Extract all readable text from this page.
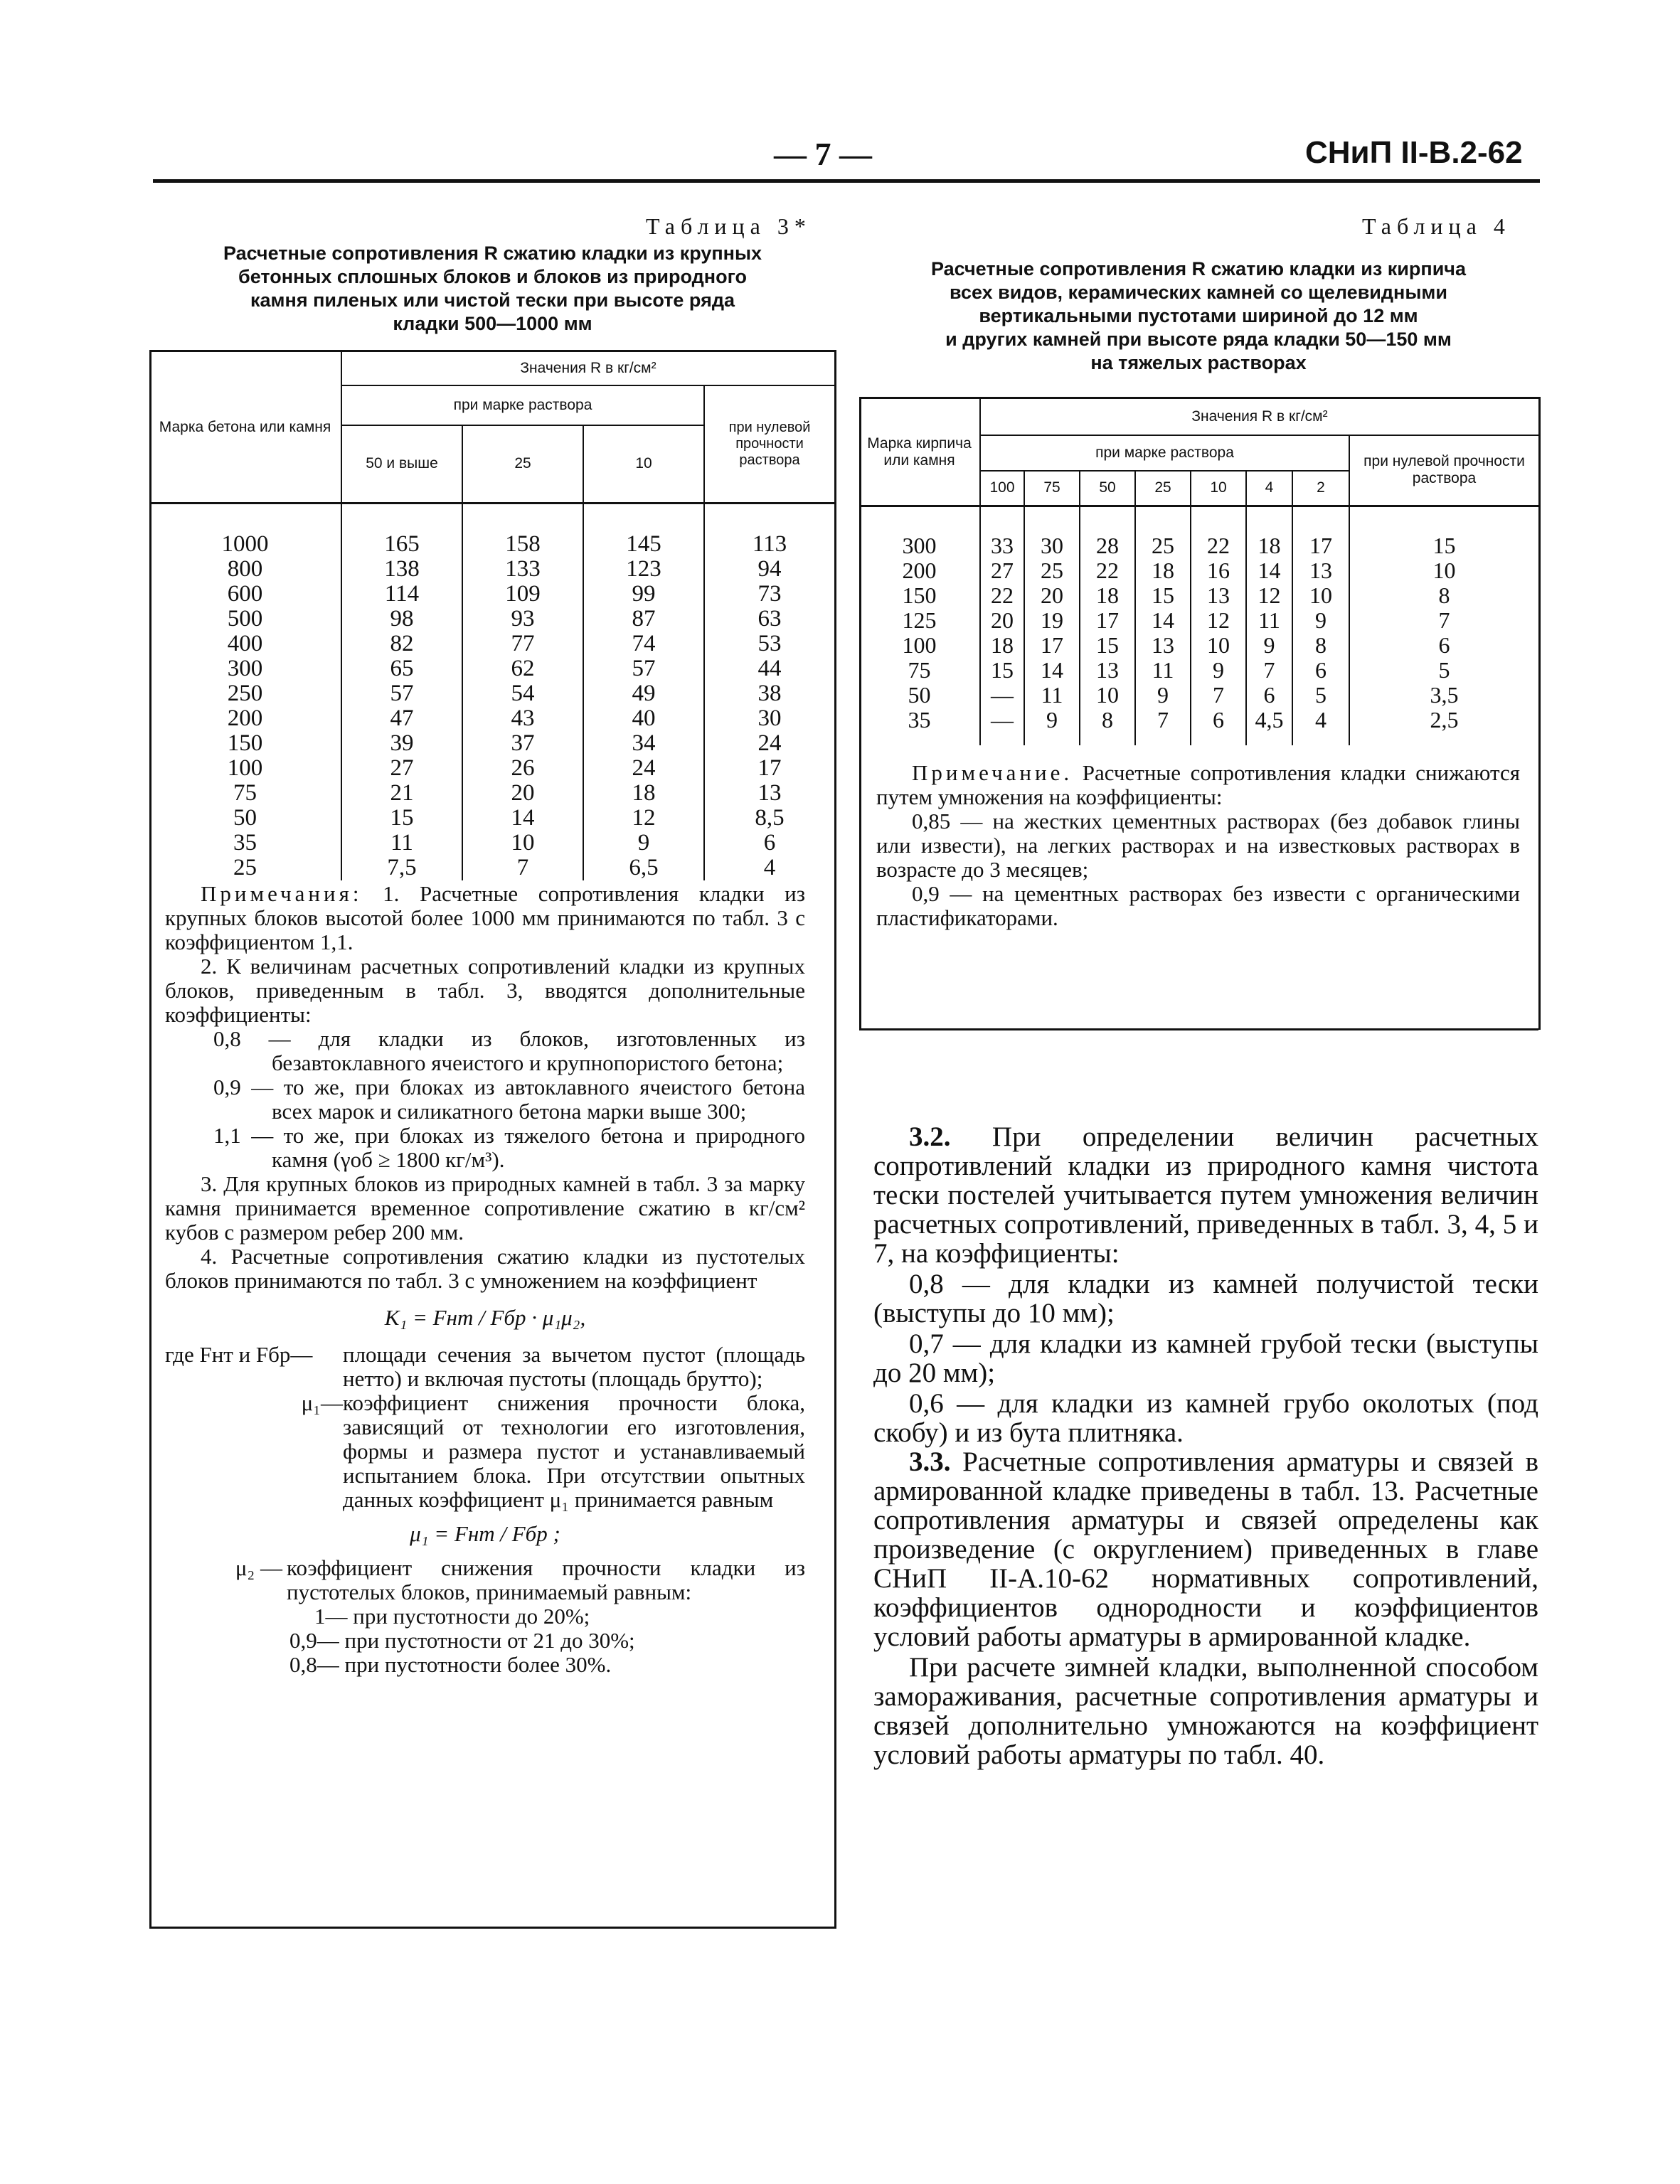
— 7 —	СНиП II-В.2-62
Таблица 3*
Расчетные сопротивления R сжатию кладки из крупных
бетонных сплошных блоков и блоков из природного
камня пиленых или чистой тески при высоте ряда
кладки 500—1000 мм
Марка бетона или камня	Значения R в кг/см²			
	при марке раствора			при нулевой прочности раствора
	50 и выше	25	10	

1000	165	158	145	113
800	138	133	123	94
600	114	109	99	73
500	98	93	87	63
400	82	77	74	53
300	65	62	57	44
250	57	54	49	38
200	47	43	40	30
150	39	37	34	24
100	27	26	24	17
75	21	20	18	13
50	15	14	12	8,5
35	11	10	9	6
25	7,5	7	6,5	4

Примечания: 1. Расчетные сопротивления кладки из крупных блоков высотой более 1000 мм принимаются по табл. 3 с коэффициентом 1,1.

2. К величинам расчетных сопротивлений кладки из крупных блоков, приведенным в табл. 3, вводятся дополнительные коэффициенты:

0,8 — для кладки из блоков, изготовленных из безавтоклавного ячеистого и крупнопористого бетона;

0,9 — то же, при блоках из автоклавного ячеистого бетона всех марок и силикатного бетона марки выше 300;

1,1 — то же, при блоках из тяжелого бетона и природного камня (γоб ≥ 1800 кг/м³).

3. Для крупных блоков из природных камней в табл. 3 за марку камня принимается временное сопротивление сжатию в кг/см² кубов с размером ребер 200 мм.

4. Расчетные сопротивления сжатию кладки из пустотелых блоков принимаются по табл. 3 с умножением на коэффициент

K₁ = Fнт / Fбр · μ₁μ₂,

где Fнт и Fбр—	площади сечения за вычетом пустот (площадь нетто) и включая пустоты (площадь брутто);
μ₁— коэффициент снижения прочности блока, зависящий от технологии его изготовления, формы и размера пустот и устанавливаемый испытанием блока. При отсутствии опытных данных коэффициент μ₁ принимается равным

μ₁ = Fнт / Fбр ;

μ₂ — коэффициент снижения прочности кладки из пустотелых блоков, принимаемый равным:

1— при пустотности до 20%;

0,9— при пустотности от 21 до 30%;

0,8— при пустотности более 30%.

Таблица 4
Расчетные сопротивления R сжатию кладки из кирпича
всех видов, керамических камней со щелевидными
вертикальными пустотами шириной до 12 мм
и других камней при высоте ряда кладки 50—150 мм
на тяжелых растворах
Марка кирпича или камня	Значения R в кг/см²							
	при марке раствора							при нулевой прочности раствора
	100	75	50	25	10	4	2	

300	33	30	28	25	22	18	17	15
200	27	25	22	18	16	14	13	10
150	22	20	18	15	13	12	10	8
125	20	19	17	14	12	11	9	7
100	18	17	15	13	10	9	8	6
75	15	14	13	11	9	7	6	5
50	—	11	10	9	7	6	5	3,5
35	—	9	8	7	6	4,5	4	2,5

Примечание. Расчетные сопротивления кладки снижаются путем умножения на коэффициенты:

0,85 — на жестких цементных растворах (без добавок глины или извести), на легких растворах и на известковых растворах в возрасте до 3 месяцев;

0,9 — на цементных растворах без извести с органическими пластификаторами.

3.2. При определении величин расчетных сопротивлений кладки из природного камня чистота тески постелей учитывается путем умножения величин расчетных сопротивлений, приведенных в табл. 3, 4, 5 и 7, на коэффициенты:

0,8 — для кладки из камней получистой тески (выступы до 10 мм);

0,7 — для кладки из камней грубой тески (выступы до 20 мм);

0,6 — для кладки из камней грубо околотых (под скобу) и из бута плитняка.

3.3. Расчетные сопротивления арматуры и связей в армированной кладке приведены в табл. 13. Расчетные сопротивления арматуры и связей определены как произведение (с округлением) приведенных в главе СНиП II-А.10-62 нормативных сопротивлений, коэффициентов однородности и коэффициентов условий работы арматуры в армированной кладке.

При расчете зимней кладки, выполненной способом замораживания, расчетные сопротивления арматуры и связей дополнительно умножаются на коэффициент условий работы арматуры по табл. 40.
